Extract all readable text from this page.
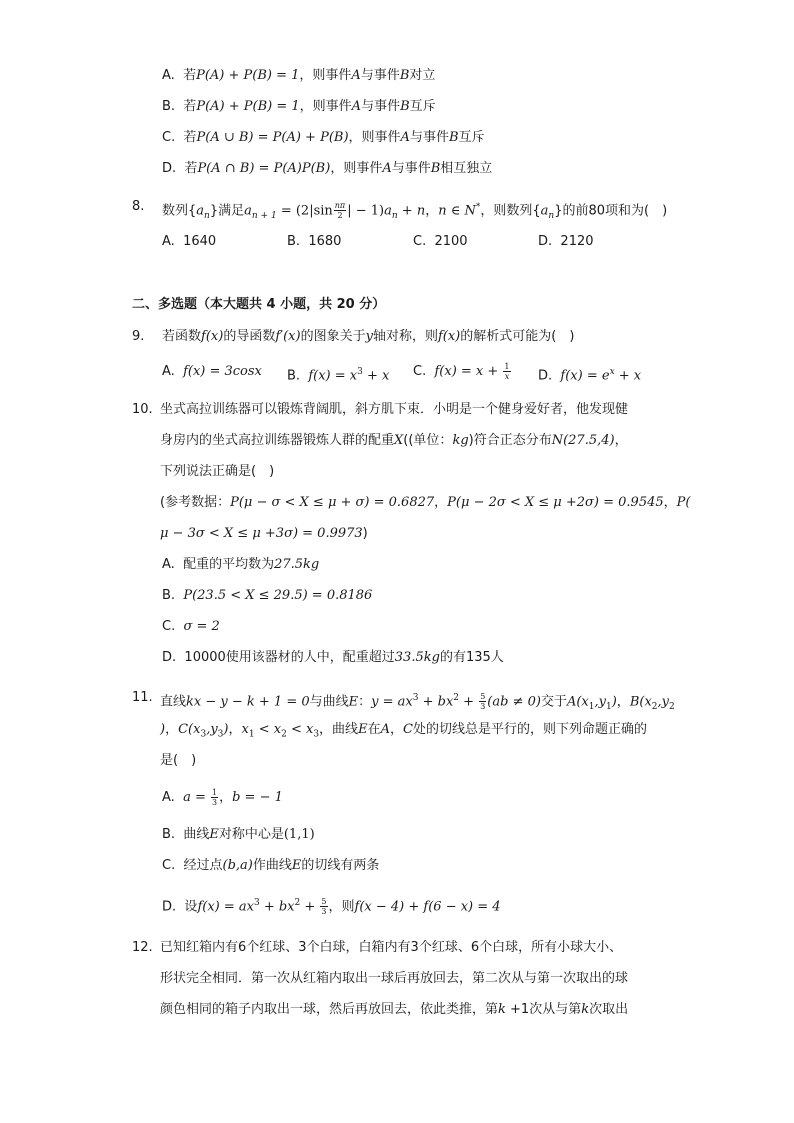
A. 若P(A) + P(B) = 1，则事件A与事件B对立
B. 若P(A) + P(B) = 1，则事件A与事件B互斥
C. 若P(A ∪ B) = P(A) + P(B)，则事件A与事件B互斥
D. 若P(A ∩ B) = P(A)P(B)，则事件A与事件B相互独立
8. 数列$\{a_n\}$满足$a_{n + 1} = (2|\sin \frac{n\pi}{2}$ | − $1)a_n + n$，n ∈ N*，则数列$\{a_n\}$的前80项和为(　)
A. 1640	B. 1680	C. 2100	D. 2120
二、多选题（本大题共 4 小题，共 20 分）
9. 若函数f(x)的导函数f′(x)的图象关于y轴对称，则f(x)的解析式可能为(　)
A. f(x) = 3cosx B. $f(x) = x^3 + x$ C. $f(x) = x + \frac{1}{x} D$. $f(x) = e^x + x$
10. 坐式高拉训练器可以锻炼背阔肌，斜方肌下束．小明是一个健身爱好者，他发现健
身房内的坐式高拉训练器锻炼人群的配重X((单位：kg)符合正态分布N(27.5,4)，
下列说法正确是(　)
(参考数据：P(μ − σ < X ≤ μ + σ) = 0.6827，P(μ − 2σ < X ≤ μ +2σ) = 0.9545，P(
μ − 3σ < X ≤ μ +3σ) = 0.9973)
A. 配重的平均数为27.5kg
B. P(23.5 < X ≤ 29.5) = 0.8186
C. σ = 2
D. 10000使用该器材的人中，配重超过33.5kg的有135人
11. 直线kx − y − k + 1 = 0与曲线E：$y = ax^3 + bx^2 + \frac{5}{3} (ab \ne 0)$交于$A(x_1,y_1)$，$B(x_2,y_2$
)，$C(x_3,y_3)$，$x_1 < x_2 < x_3$，曲线E在A，C处的切线总是平行的，则下列命题正确的
是(　)
A. $a = \frac{1}{3}$ ，b = − 1
B. 曲线E对称中心是(1,1)
C. 经过点(b,a)作曲线E的切线有两条
D. 设$f(x) = ax^3 + bx^2 + \frac{5}{3}$ ，则f(x − 4) + f(6 − x) = 4
12. 已知红箱内有6个红球、3个白球，白箱内有3个红球、6个白球，所有小球大小、
形状完全相同．第一次从红箱内取出一球后再放回去，第二次从与第一次取出的球
颜色相同的箱子内取出一球，然后再放回去，依此类推，第k +1次从与第k次取出
